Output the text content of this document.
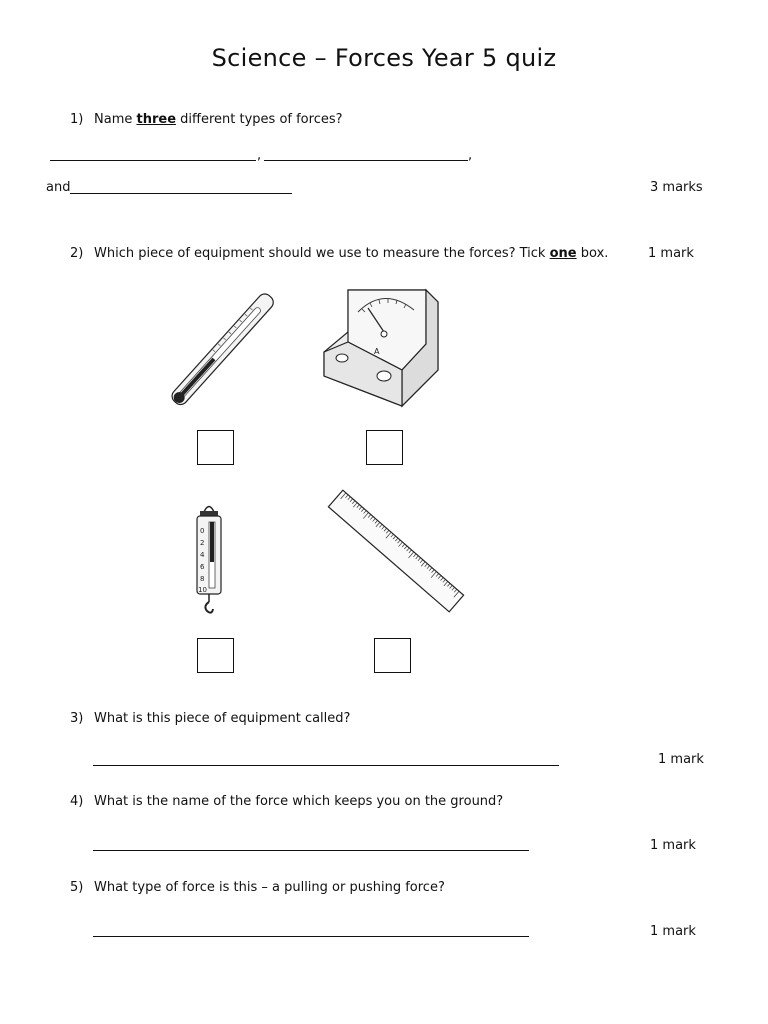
Science – Forces Year 5 quiz
1) Name three different types of forces?
,	,
and	3 marks
2) Which piece of equipment should we use to measure the forces? Tick one box.	1 mark
A
0
2
4
6
8
10
3) What is this piece of equipment called?
1 mark
4) What is the name of the force which keeps you on the ground?
1 mark
5) What type of force is this – a pulling or pushing force?
1 mark
